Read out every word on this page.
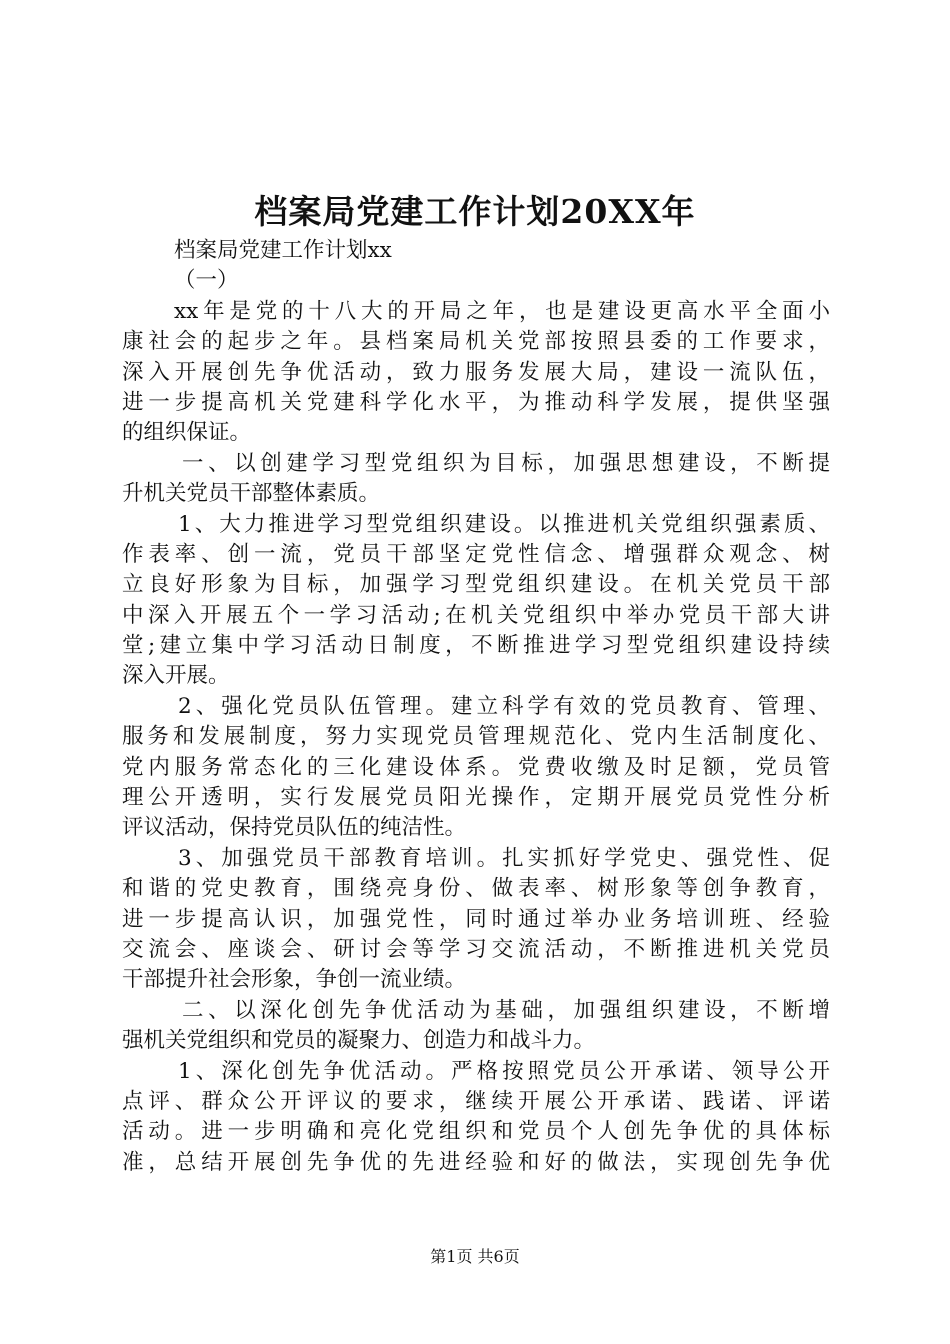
档案局党建工作计划20XX年
档案局党建工作计划xx
（一）
xx年是党的十八大的开局之年，也是建设更高水平全面小
康社会的起步之年。县档案局机关党部按照县委的工作要求，
深入开展创先争优活动，致力服务发展大局，建设一流队伍，
进一步提高机关党建科学化水平，为推动科学发展，提供坚强
的组织保证。
一、以创建学习型党组织为目标，加强思想建设，不断提
升机关党员干部整体素质。
1、大力推进学习型党组织建设。以推进机关党组织强素质、
作表率、创一流，党员干部坚定党性信念、增强群众观念、树
立良好形象为目标，加强学习型党组织建设。在机关党员干部
中深入开展五个一学习活动;在机关党组织中举办党员干部大讲
堂;建立集中学习活动日制度，不断推进学习型党组织建设持续
深入开展。
2、强化党员队伍管理。建立科学有效的党员教育、管理、
服务和发展制度，努力实现党员管理规范化、党内生活制度化、
党内服务常态化的三化建设体系。党费收缴及时足额，党员管
理公开透明，实行发展党员阳光操作，定期开展党员党性分析
评议活动，保持党员队伍的纯洁性。
3、加强党员干部教育培训。扎实抓好学党史、强党性、促
和谐的党史教育，围绕亮身份、做表率、树形象等创争教育，
进一步提高认识，加强党性，同时通过举办业务培训班、经验
交流会、座谈会、研讨会等学习交流活动，不断推进机关党员
干部提升社会形象，争创一流业绩。
二、以深化创先争优活动为基础，加强组织建设，不断增
强机关党组织和党员的凝聚力、创造力和战斗力。
1、深化创先争优活动。严格按照党员公开承诺、领导公开
点评、群众公开评议的要求，继续开展公开承诺、践诺、评诺
活动。进一步明确和亮化党组织和党员个人创先争优的具体标
准，总结开展创先争优的先进经验和好的做法，实现创先争优
第1页 共6页
